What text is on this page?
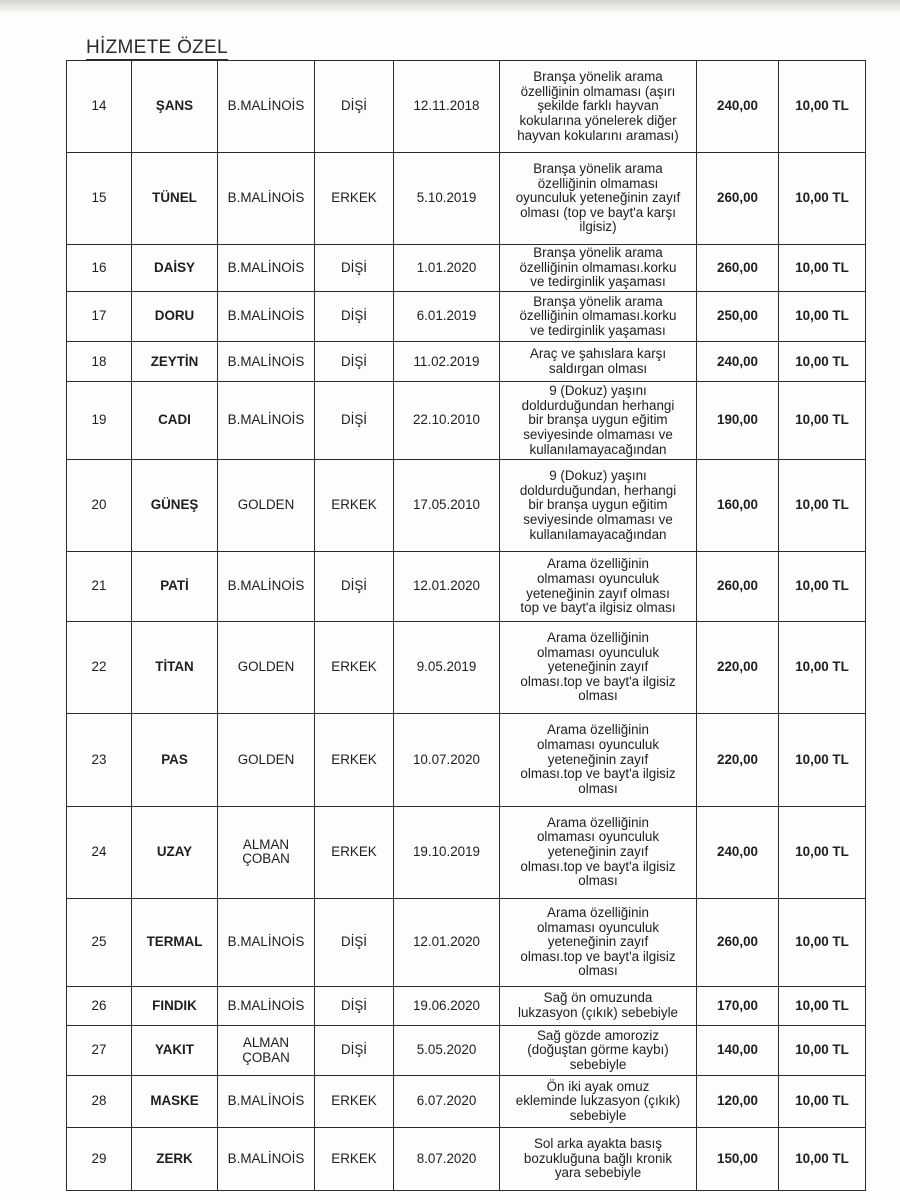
HİZMETE ÖZEL
14	ŞANS	B.MALİNOİS	DİŞİ	12.11.2018	Branşa yönelik arama
özelliğinin olmaması (aşırı
şekilde farklı hayvan
kokularına yönelerek diğer
hayvan kokularını araması)	240,00	10,00 TL
15	TÜNEL	B.MALİNOİS	ERKEK	5.10.2019	Branşa yönelik arama
özelliğinin olmaması
oyunculuk yeteneğinin zayıf
olması (top ve bayt'a karşı
ilgisiz)	260,00	10,00 TL
16	DAİSY	B.MALİNOİS	DİŞİ	1.01.2020	Branşa yönelik arama
özelliğinin olmaması.korku
ve tedirginlik yaşaması	260,00	10,00 TL
17	DORU	B.MALİNOİS	DİŞİ	6.01.2019	Branşa yönelik arama
özelliğinin olmaması.korku
ve tedirginlik yaşaması	250,00	10,00 TL
18	ZEYTİN	B.MALİNOİS	DİŞİ	11.02.2019	Araç ve şahıslara karşı
saldırgan olması	240,00	10,00 TL
19	CADI	B.MALİNOİS	DİŞİ	22.10.2010	9 (Dokuz) yaşını
doldurduğundan herhangi
bir branşa uygun eğitim
seviyesinde olmaması ve
kullanılamayacağından	190,00	10,00 TL
20	GÜNEŞ	GOLDEN	ERKEK	17.05.2010	9 (Dokuz) yaşını
doldurduğundan, herhangi
bir branşa uygun eğitim
seviyesinde olmaması ve
kullanılamayacağından	160,00	10,00 TL
21	PATİ	B.MALİNOİS	DİŞİ	12.01.2020	Arama özelliğinin
olmaması oyunculuk
yeteneğinin zayıf olması
top ve bayt'a ilgisiz olması	260,00	10,00 TL
22	TİTAN	GOLDEN	ERKEK	9.05.2019	Arama özelliğinin
olmaması oyunculuk
yeteneğinin zayıf
olması.top ve bayt'a ilgisiz
olması	220,00	10,00 TL
23	PAS	GOLDEN	ERKEK	10.07.2020	Arama özelliğinin
olmaması oyunculuk
yeteneğinin zayıf
olması.top ve bayt'a ilgisiz
olması	220,00	10,00 TL
24	UZAY	ALMAN ÇOBAN	ERKEK	19.10.2019	Arama özelliğinin
olmaması oyunculuk
yeteneğinin zayıf
olması.top ve bayt'a ilgisiz
olması	240,00	10,00 TL
25	TERMAL	B.MALİNOİS	DİŞİ	12.01.2020	Arama özelliğinin
olmaması oyunculuk
yeteneğinin zayıf
olması.top ve bayt'a ilgisiz
olması	260,00	10,00 TL
26	FINDIK	B.MALİNOİS	DİŞİ	19.06.2020	Sağ ön omuzunda
lukzasyon (çıkık) sebebiyle	170,00	10,00 TL
27	YAKIT	ALMAN ÇOBAN	DİŞİ	5.05.2020	Sağ gözde amoroziz
(doğuştan görme kaybı)
sebebiyle	140,00	10,00 TL
28	MASKE	B.MALİNOİS	ERKEK	6.07.2020	Ön iki ayak omuz
ekleminde lukzasyon (çıkık)
sebebiyle	120,00	10,00 TL
29	ZERK	B.MALİNOİS	ERKEK	8.07.2020	Sol arka ayakta basış
bozukluğuna bağlı kronik
yara sebebiyle	150,00	10,00 TL
